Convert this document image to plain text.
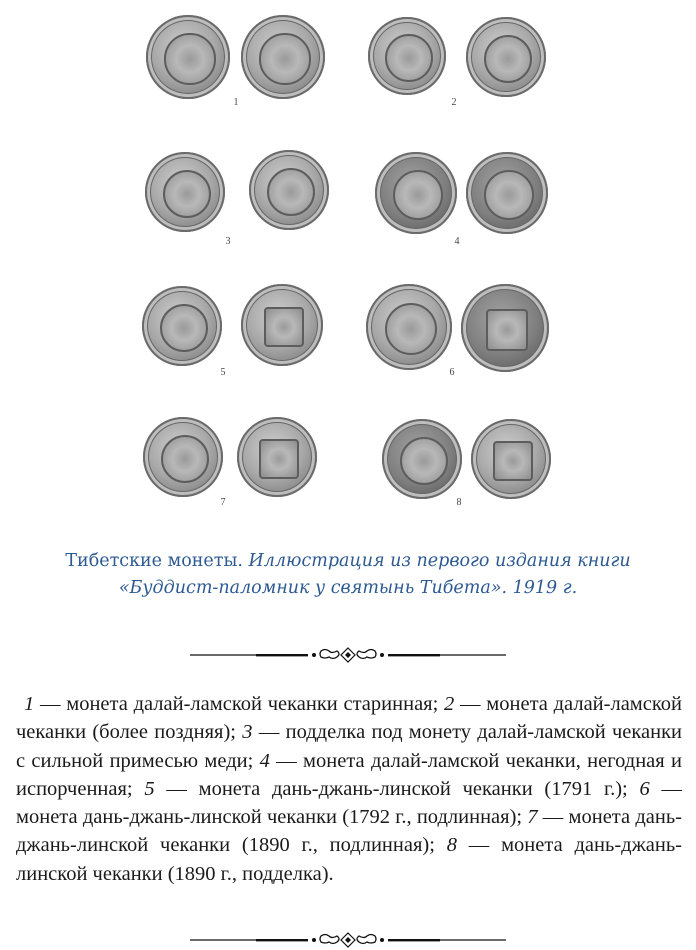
1	2
3	4
5	6
7	8
Тибетские монеты. Иллюстрация из первого издания книги
«Буддист-паломник у святынь Тибета». 1919 г.
1 — монета далай-ламской чеканки старинная; 2 — монета далай-ламской чеканки (более поздняя); 3 — подделка под монету далай-ламской чеканки с сильной примесью меди; 4 — монета далай-ламской чеканки, негодная и испорченная; 5 — монета дань-джань-линской чеканки (1791 г.); 6 — монета дань-джань-линской чеканки (1792 г., подлинная); 7 — монета дань-джань-линской чеканки (1890 г., подлинная); 8 — монета дань-джань-линской чеканки (1890 г., подделка).
